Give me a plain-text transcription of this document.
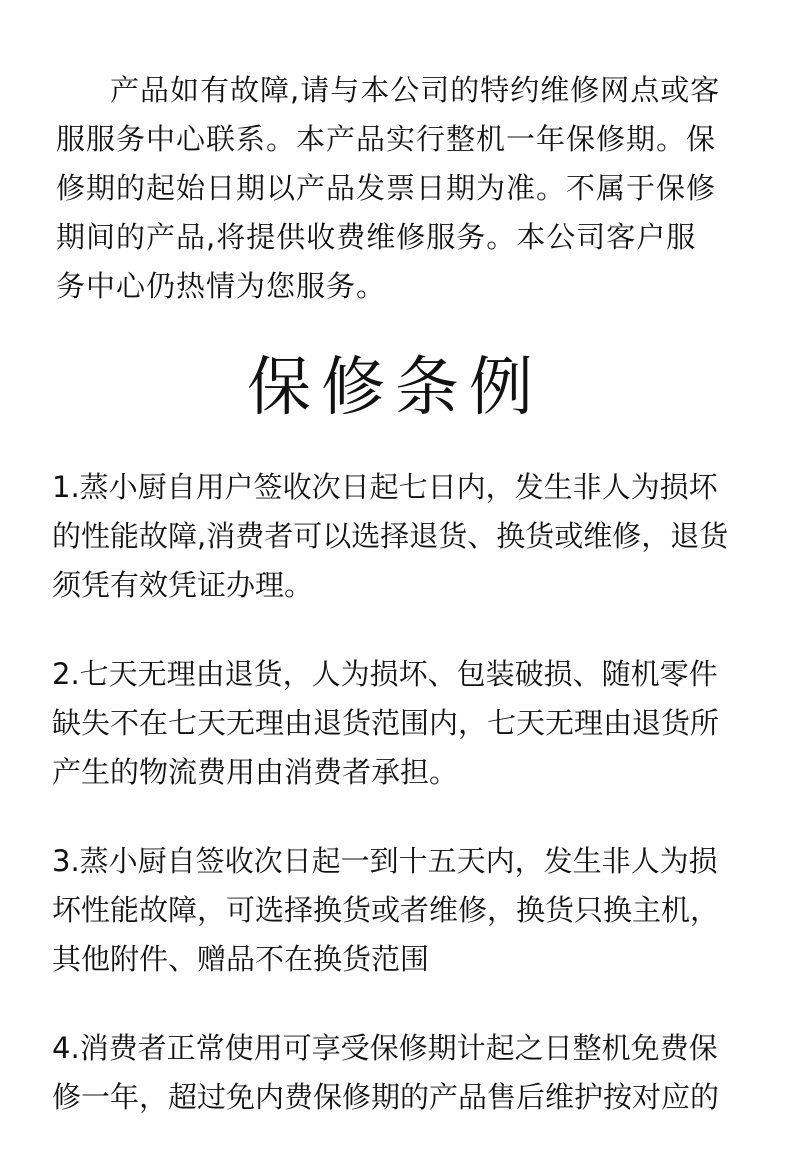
产品如有故障,请与本公司的特约维修网点或客
服服务中心联系。本产品实行整机一年保修期。保
修期的起始日期以产品发票日期为准。不属于保修
期间的产品,将提供收费维修服务。本公司客户服
务中心仍热情为您服务。
保修条例
1.蒸小厨自用户签收次日起七日内，发生非人为损坏
的性能故障,消费者可以选择退货、换货或维修，退货
须凭有效凭证办理。
2.七天无理由退货，人为损坏、包装破损、随机零件
缺失不在七天无理由退货范围内，七天无理由退货所
产生的物流费用由消费者承担。
3.蒸小厨自签收次日起一到十五天内，发生非人为损
坏性能故障，可选择换货或者维修，换货只换主机，
其他附件、赠品不在换货范围
4.消费者正常使用可享受保修期计起之日整机免费保
修一年，超过免内费保修期的产品售后维护按对应的
